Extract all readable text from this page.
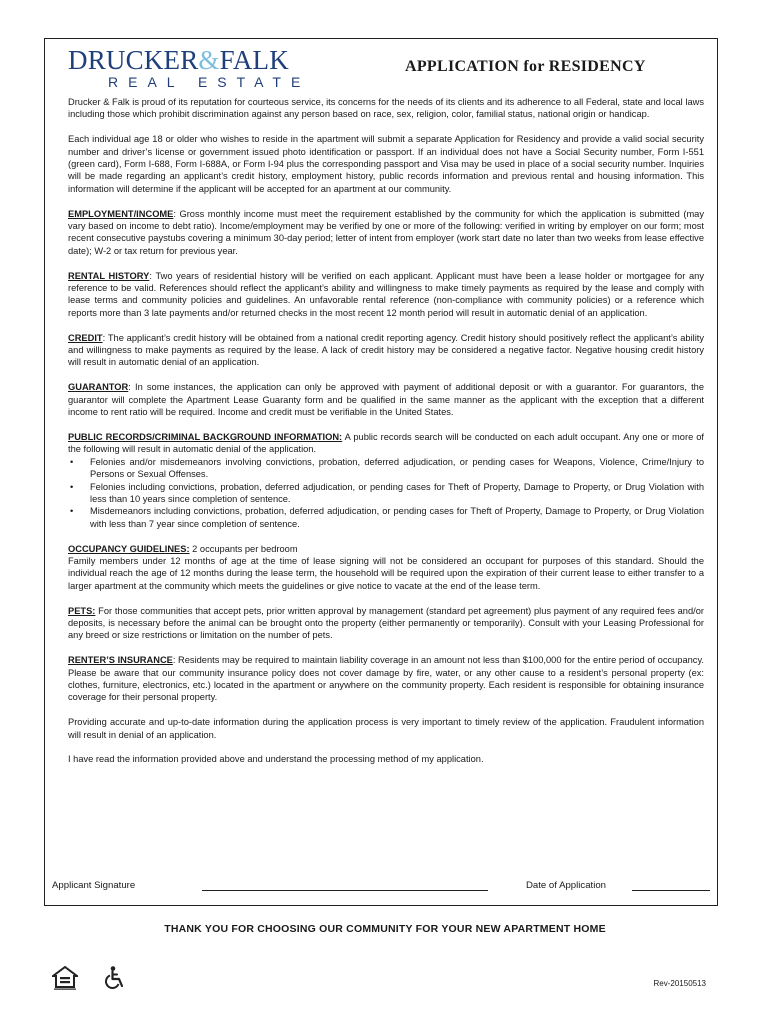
DRUCKER&FALK
REAL ESTATE
APPLICATION for RESIDENCY

Drucker & Falk is proud of its reputation for courteous service, its concerns for the needs of its clients and its adherence to all Federal, state and local laws including those which prohibit discrimination against any person based on race, sex, religion, color, familial status, national origin or handicap.

Each individual age 18 or older who wishes to reside in the apartment will submit a separate Application for Residency and provide a valid social security number and driver’s license or government issued photo identification or passport. If an individual does not have a Social Security number, Form I-551 (green card), Form I-688, Form I-688A, or Form I-94 plus the corresponding passport and Visa may be used in place of a social security number. Inquiries will be made regarding an applicant’s credit history, employment history, public records information and previous rental and housing information. This information will determine if the applicant will be accepted for an apartment at our community.

EMPLOYMENT/INCOME: Gross monthly income must meet the requirement established by the community for which the application is submitted (may vary based on income to debt ratio). Income/employment may be verified by one or more of the following: verified in writing by employer on our form; most recent consecutive paystubs covering a minimum 30-day period; letter of intent from employer (work start date no later than two weeks from lease effective date); W-2 or tax return for previous year.

RENTAL HISTORY: Two years of residential history will be verified on each applicant. Applicant must have been a lease holder or mortgagee for any reference to be valid. References should reflect the applicant’s ability and willingness to make timely payments as required by the lease and comply with lease terms and community policies and guidelines. An unfavorable rental reference (non-compliance with community policies) or a reference which reports more than 3 late payments and/or returned checks in the most recent 12 month period will result in automatic denial of an application.

CREDIT: The applicant’s credit history will be obtained from a national credit reporting agency. Credit history should positively reflect the applicant’s ability and willingness to make payments as required by the lease. A lack of credit history may be considered a negative factor. Negative housing credit history will result in automatic denial of an application.

GUARANTOR: In some instances, the application can only be approved with payment of additional deposit or with a guarantor. For guarantors, the guarantor will complete the Apartment Lease Guaranty form and be qualified in the same manner as the applicant with the exception that a different income to rent ratio will be required. Income and credit must be verifiable in the United States.

PUBLIC RECORDS/CRIMINAL BACKGROUND INFORMATION: A public records search will be conducted on each adult occupant. Any one or more of the following will result in automatic denial of the application.

• Felonies and/or misdemeanors involving convictions, probation, deferred adjudication, or pending cases for Weapons, Violence, Crime/Injury to Persons or Sexual Offenses.
• Felonies including convictions, probation, deferred adjudication, or pending cases for Theft of Property, Damage to Property, or Drug Violation with less than 10 years since completion of sentence.
• Misdemeanors including convictions, probation, deferred adjudication, or pending cases for Theft of Property, Damage to Property, or Drug Violation with less than 7 year since completion of sentence.

OCCUPANCY GUIDELINES: 2 occupants per bedroom
Family members under 12 months of age at the time of lease signing will not be considered an occupant for purposes of this standard. Should the individual reach the age of 12 months during the lease term, the household will be required upon the expiration of their current lease to either transfer to a larger apartment at the community which meets the guidelines or give notice to vacate at the end of the lease term.

PETS: For those communities that accept pets, prior written approval by management (standard pet agreement) plus payment of any required fees and/or deposits, is necessary before the animal can be brought onto the property (either permanently or temporarily). Consult with your Leasing Professional for any breed or size restrictions or limitation on the number of pets.

RENTER’S INSURANCE: Residents may be required to maintain liability coverage in an amount not less than $100,000 for the entire period of occupancy. Please be aware that our community insurance policy does not cover damage by fire, water, or any other cause to a resident’s personal property (ex: clothes, furniture, electronics, etc.) located in the apartment or anywhere on the community property. Each resident is responsible for obtaining insurance coverage for their personal property.

Providing accurate and up-to-date information during the application process is very important to timely review of the application. Fraudulent information will result in denial of an application.

I have read the information provided above and understand the processing method of my application.

Applicant Signature	Date of Application
THANK YOU FOR CHOOSING OUR COMMUNITY FOR YOUR NEW APARTMENT HOME
Rev-20150513
